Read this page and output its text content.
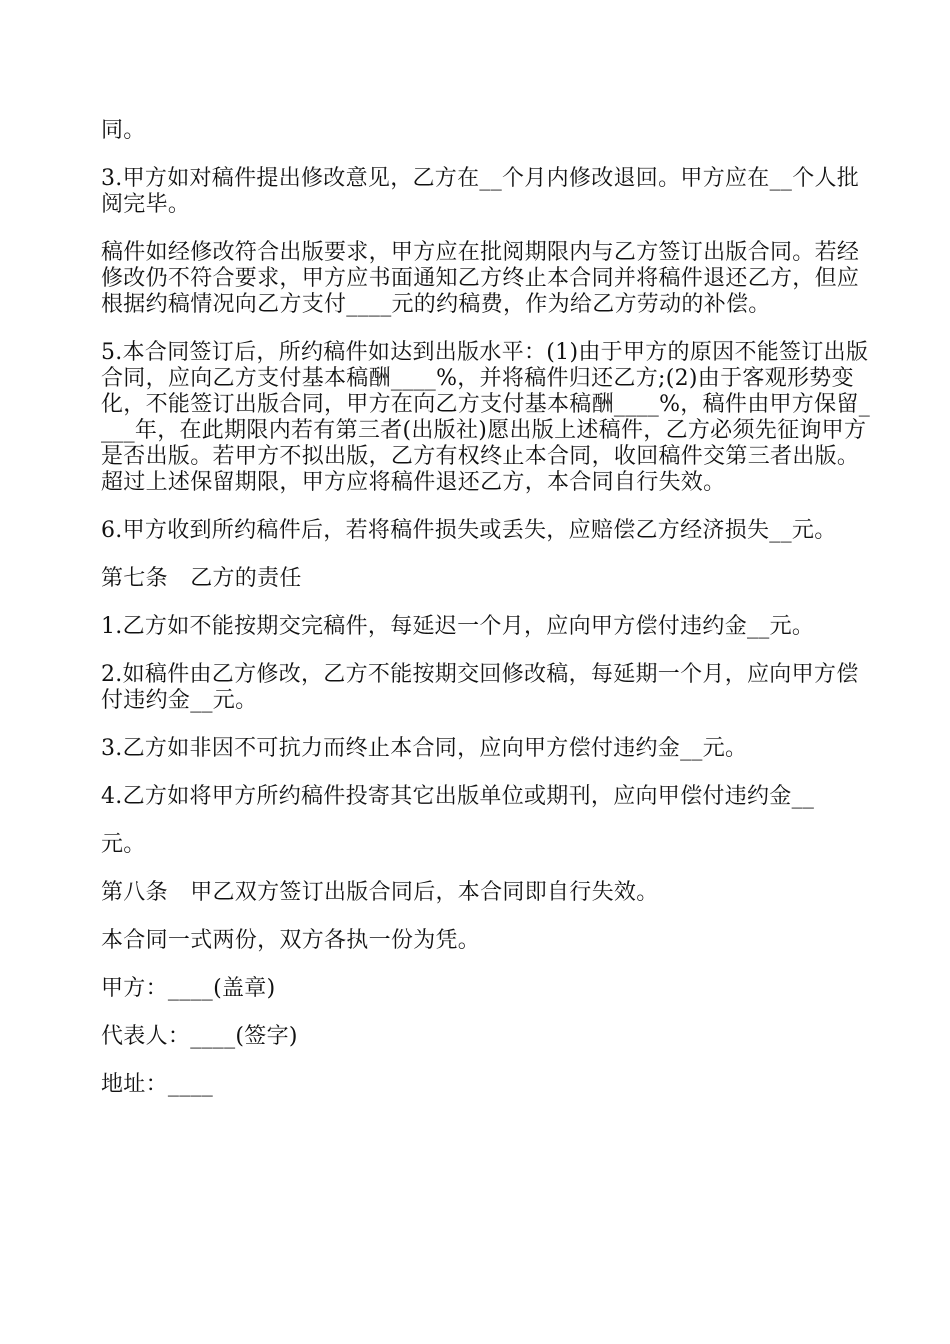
同。

3.甲方如对稿件提出修改意见，乙方在__个月内修改退回。甲方应在__个人批阅完毕。

稿件如经修改符合出版要求，甲方应在批阅期限内与乙方签订出版合同。若经修改仍不符合要求，甲方应书面通知乙方终止本合同并将稿件退还乙方，但应根据约稿情况向乙方支付____元的约稿费，作为给乙方劳动的补偿。

5.本合同签订后，所约稿件如达到出版水平：(1)由于甲方的原因不能签订出版合同，应向乙方支付基本稿酬____%，并将稿件归还乙方;(2)由于客观形势变化，不能签订出版合同，甲方在向乙方支付基本稿酬____%，稿件由甲方保留____年，在此期限内若有第三者(出版社)愿出版上述稿件，乙方必须先征询甲方是否出版。若甲方不拟出版，乙方有权终止本合同，收回稿件交第三者出版。超过上述保留期限，甲方应将稿件退还乙方，本合同自行失效。

6.甲方收到所约稿件后，若将稿件损失或丢失，应赔偿乙方经济损失__元。

第七条　乙方的责任

1.乙方如不能按期交完稿件，每延迟一个月，应向甲方偿付违约金__元。

2.如稿件由乙方修改，乙方不能按期交回修改稿，每延期一个月，应向甲方偿付违约金__元。

3.乙方如非因不可抗力而终止本合同，应向甲方偿付违约金__元。

4.乙方如将甲方所约稿件投寄其它出版单位或期刊，应向甲偿付违约金__

元。

第八条　甲乙双方签订出版合同后，本合同即自行失效。

本合同一式两份，双方各执一份为凭。

甲方：____(盖章)

代表人：____(签字)

地址：____
